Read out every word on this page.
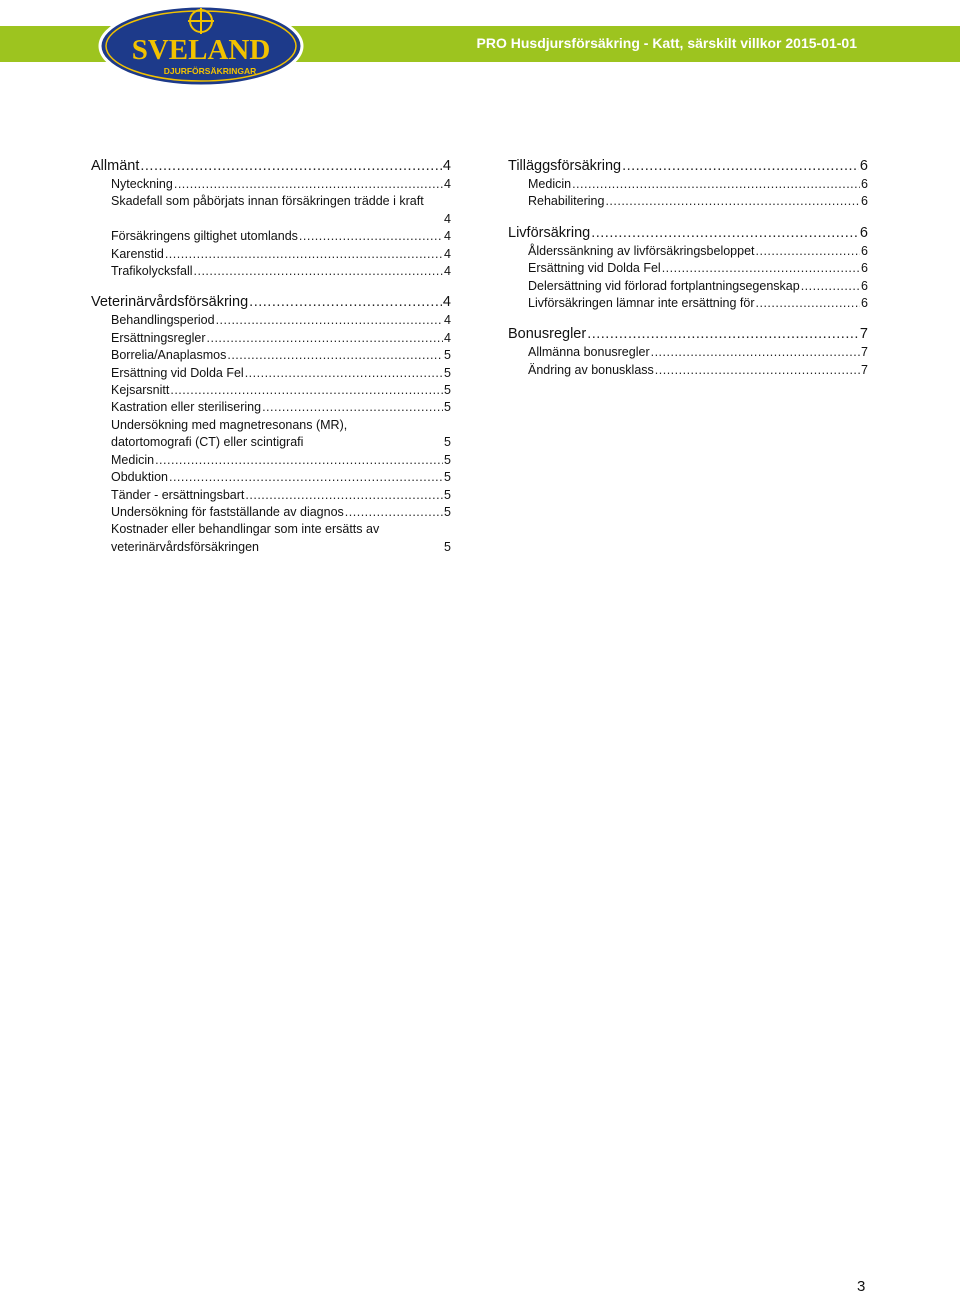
SVELAND
DJURFÖRSÄKRINGAR
PRO Husdjursförsäkring - Katt, särskilt villkor 2015-01-01
Allmänt .....	4
Nyteckning .....	4
Skadefall som påbörjats innan försäkringen trädde i kraft
4
Försäkringens giltighet utomlands .....	4
Karenstid .....	4
Trafikolycksfall .....	4
Veterinärvårdsförsäkring .....	4
Behandlingsperiod .....	4
Ersättningsregler .....	4
Borrelia/Anaplasmos .....	5
Ersättning vid Dolda Fel .....	5
Kejsarsnitt .....	5
Kastration eller sterilisering .....	5
Undersökning med magnetresonans (MR),
datortomografi (CT) eller scintigrafi	5
Medicin .....	5
Obduktion .....	5
Tänder - ersättningsbart .....	5
Undersökning för fastställande av diagnos .....	5
Kostnader eller behandlingar som inte ersätts av
veterinärvårdsförsäkringen	5
Tilläggsförsäkring .....	6
Medicin .....	6
Rehabilitering .....	6
Livförsäkring .....	6
Ålderssänkning av livförsäkringsbeloppet .....	6
Ersättning vid Dolda Fel .....	6
Delersättning vid förlorad fortplantningsegenskap .....	6
Livförsäkringen lämnar inte ersättning för .....	6
Bonusregler .....	7
Allmänna bonusregler .....	7
Ändring av bonusklass .....	7
3
